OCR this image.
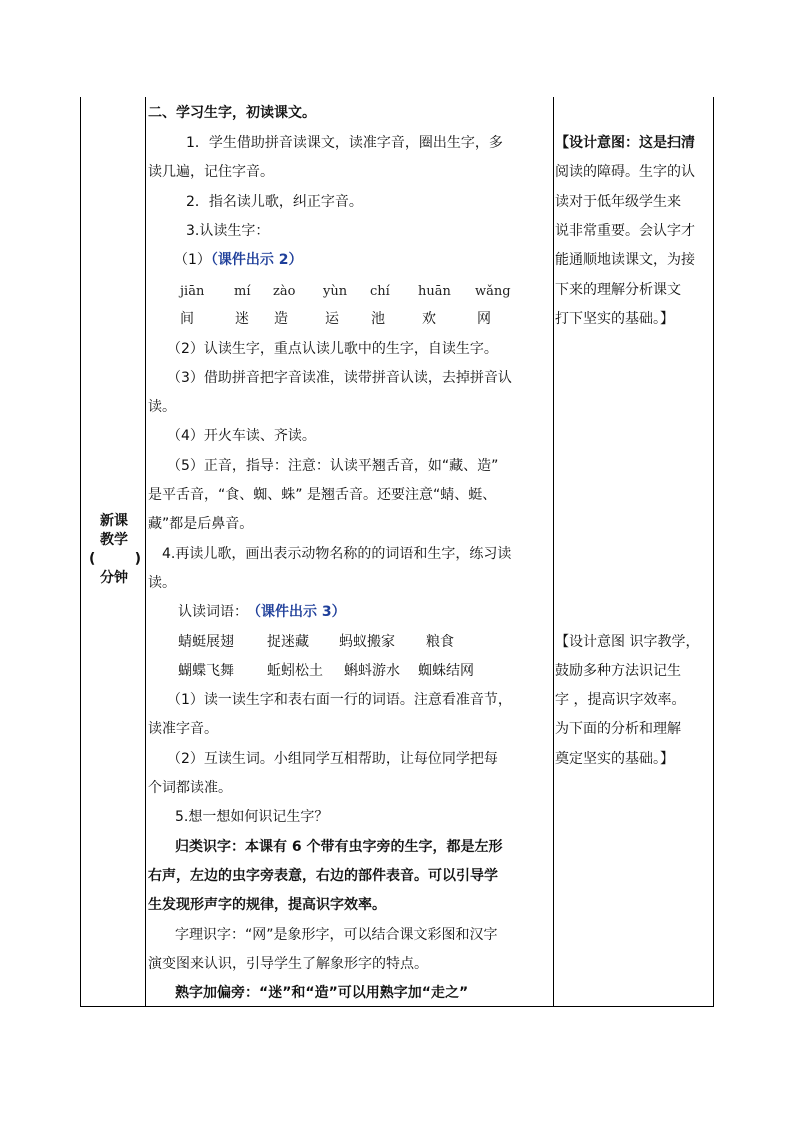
新课
教学
(	)
分钟
二、学习生字，初读课文。
1．学生借助拼音读课文，读准字音，圈出生字，多
读几遍，记住字音。
2．指名读儿歌，纠正字音。
3.认读生字：
（1）（课件出示 2）
jiān mí zào yùn chí huān wǎng
间	迷 造	运 池	欢	网
（2）认读生字，重点认读儿歌中的生字，自读生字。
（3）借助拼音把字音读准，读带拼音认读，去掉拼音认
读。
（4）开火车读、齐读。
（5）正音，指导：注意：认读平翘舌音，如“藏、造”
是平舌音，“食、蜘、蛛” 是翘舌音。还要注意“蜻、蜓、
藏”都是后鼻音。
4.再读儿歌，画出表示动物名称的的词语和生字，练习读
读。
认读词语： （课件出示 3）
蜻蜓展翅 捉迷藏 蚂蚁搬家 粮食
蝴蝶飞舞 蚯蚓松土 蝌蚪游水 蜘蛛结网
（1）读一读生字和表右面一行的词语。注意看准音节，
读准字音。
（2）互读生词。小组同学互相帮助，让每位同学把每
个词都读准。
5.想一想如何识记生字？
归类识字：本课有 6 个带有虫字旁的生字，都是左形
右声，左边的虫字旁表意，右边的部件表音。可以引导学
生发现形声字的规律，提高识字效率。
字理识字：“网”是象形字，可以结合课文彩图和汉字
演变图来认识，引导学生了解象形字的特点。
熟字加偏旁：“迷”和“造”可以用熟字加“走之”
【设计意图：这是扫清
阅读的障碍。生字的认
读对于低年级学生来
说非常重要。会认字才
能通顺地读课文，为接
下来的理解分析课文
打下坚实的基础。】
【设计意图 识字教学，
鼓励多种方法识记生
字 ，提高识字效率。
为下面的分析和理解
奠定坚实的基础。】
